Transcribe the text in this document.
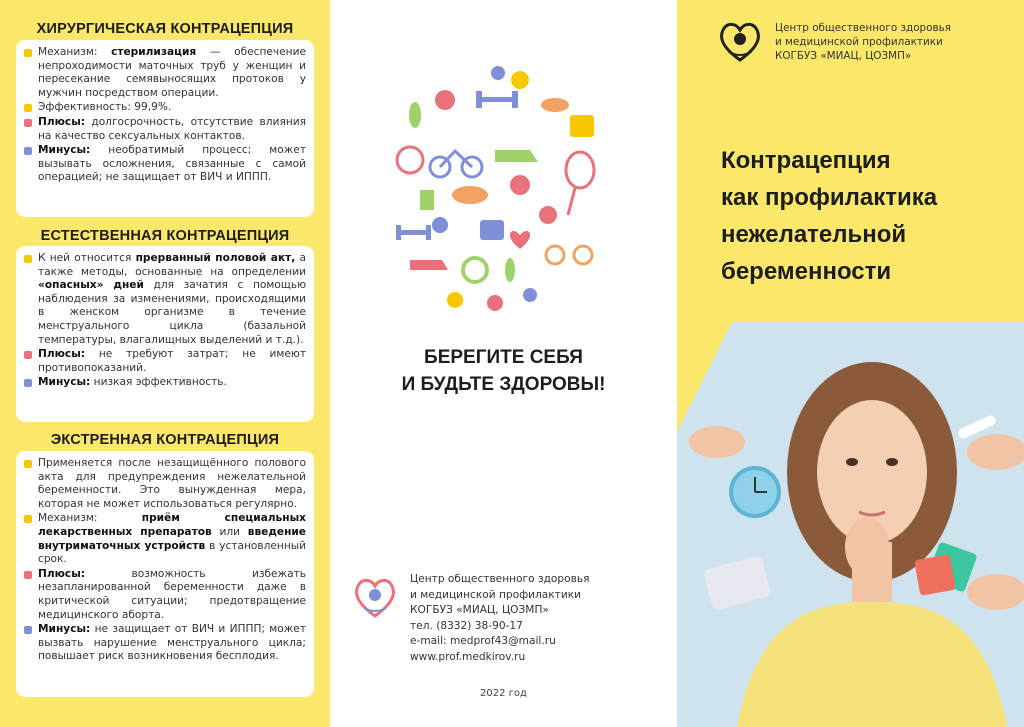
ХИРУРГИЧЕСКАЯ КОНТРАЦЕПЦИЯ
Механизм: стерилизация — обеспечение непроходимости маточных труб у женщин и пересекание семявыносящих протоков у мужчин посредством операции.
Эффективность: 99,9%.
Плюсы: долгосрочность, отсутствие влияния на качество сексуальных контактов.
Минусы: необратимый процесс; может вызывать осложнения, связанные с самой операцией; не защищает от ВИЧ и ИППП.
ЕСТЕСТВЕННАЯ КОНТРАЦЕПЦИЯ
К ней относится прерванный половой акт, а также методы, основанные на определении «опасных» дней для зачатия с помощью наблюдения за изменениями, происходящими в женском организме в течение менструального цикла (базальной температуры, влагалищных выделений и т.д.).
Плюсы: не требуют затрат; не имеют противопоказаний.
Минусы: низкая эффективность.
ЭКСТРЕННАЯ КОНТРАЦЕПЦИЯ
Применяется после незащищённого полового акта для предупреждения нежелательной беременности. Это вынужденная мера, которая не может использоваться регулярно.
Механизм: приём специальных лекарственных препаратов или введение внутриматочных устройств в установленный срок.
Плюсы: возможность избежать незапланированной беременности даже в критической ситуации; предотвращение медицинского аборта.
Минусы: не защищает от ВИЧ и ИППП; может вызвать нарушение менструального цикла; повышает риск возникновения бесплодия.
БЕРЕГИТЕ СЕБЯ
И БУДЬТЕ ЗДОРОВЫ!
Центр общественного здоровья
и медицинской профилактики
КОГБУЗ «МИАЦ, ЦОЗМП»
тел. (8332) 38-90-17
e-mail: medprof43@mail.ru
www.prof.medkirov.ru
2022 год
Центр общественного здоровья
и медицинской профилактики
КОГБУЗ «МИАЦ, ЦОЗМП»
Контрацепция
как профилактика
нежелательной
беременности
